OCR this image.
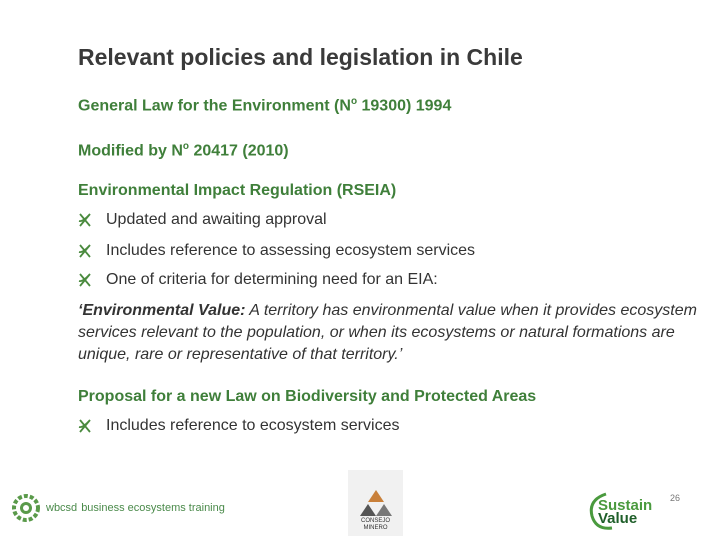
Relevant policies and legislation in Chile
General Law for the Environment ($N^o$ 19300) 1994
Modified by $N^o$ 20417 (2010)
Environmental Impact Regulation (RSEIA)
Updated and awaiting approval
Includes reference to assessing ecosystem services
One of criteria for determining need for an EIA:
‘Environmental Value: A territory has environmental value when it provides ecosystem services relevant to the population, or when its ecosystems or natural formations are unique, rare or representative of that territory.’
Proposal for a new Law on Biodiversity and Protected Areas
Includes reference to ecosystem services
wbcsd business ecosystems training
CONSEJO
MINERO
Sustain
Value
26
